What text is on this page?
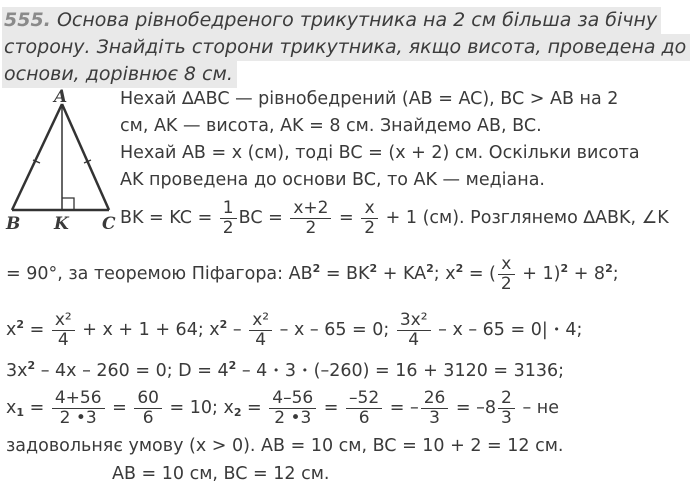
555. Основа рівнобедреного трикутника на 2 см більша за бічну
сторону. Знайдіть сторони трикутника, якщо висота, проведена до
основи, дорівнює 8 см.
A
B K C
Нехай ∆ABC — рівнобедрений (AB = AC), BC > AB на 2
см, AK — висота, AK = 8 см. Знайдемо AB, BC.
Нехай AB = x (см), тоді BC = (x + 2) см. Оскільки висота
AK проведена до основи BC, то AK — медіана.
BK = KC = $\frac{1}{2}$ BC = $\frac{x+2}{2} = \frac{x}{2} + 1$ (см). Розглянемо ∆ABK, ∠K
= 90°, за теоремою Піфагора: $AB^2 = BK^2 + KA^2$; $x^2$ = ( $\frac{x}{2} + 1)^2 + 8^2$;
$x^2 = \frac{\text{x²}}{4} + x + 1 + 64$; $x^2 - \frac{\text{x²}}{4} - x - 65 = 0$; $\frac{\text{3x²}}{4} - x - 65 = 0|$ • 4;
$3x^2 - 4x - 260 = 0$; $D = 4^2 - 4$ • 3 • (–260) = 16 + 3120 = 3136;
$x_1 = \frac{4+56}{2 •3} = \frac{60}{6} = 10$; $x_2 = \frac{4-56}{2 •3} = \frac{-52}{6}$ = – $\frac{26}{3} = -8 \frac{2}{3}$ – не
задовольняє умову (x > 0). AB = 10 см, BC = 10 + 2 = 12 см.
AB = 10 см, BC = 12 см.
